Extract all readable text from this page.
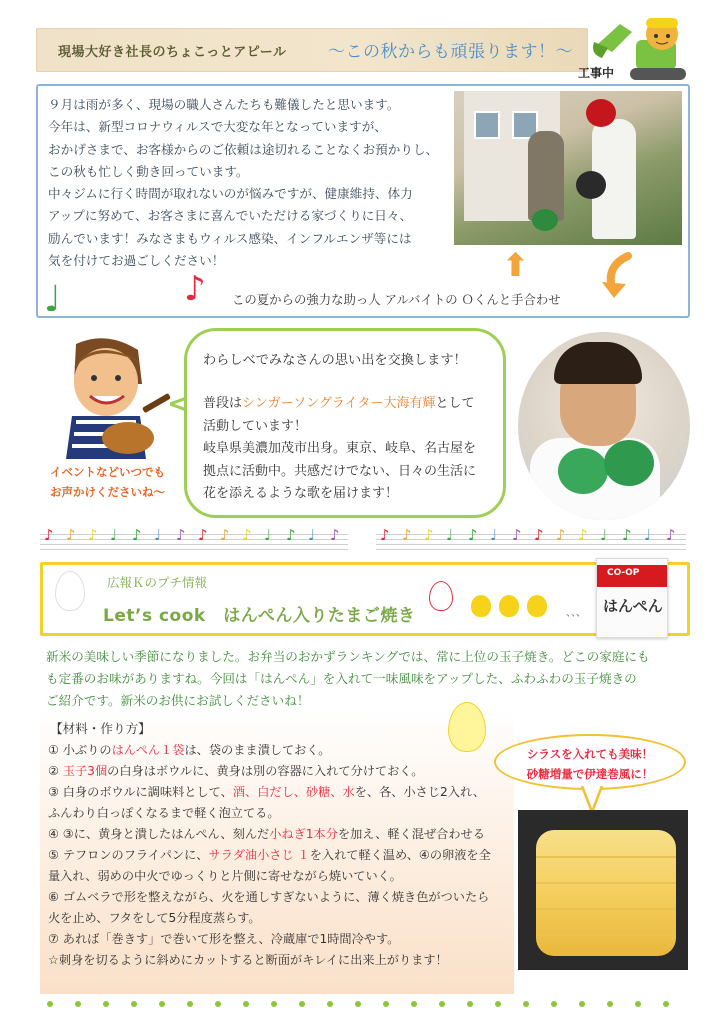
現場大好き社長のちょこっとアピール ～この秋からも頑張ります！～
工事中
９月は雨が多く、現場の職人さんたちも難儀したと思います。
今年は、新型コロナウィルスで大変な年となっていますが、
おかげさまで、お客様からのご依頼は途切れることなくお預かりし、
この秋も忙しく動き回っています。
中々ジムに行く時間が取れないのが悩みですが、健康維持、体力
アップに努めて、お客さまに喜んでいただける家づくりに日々、
励んでいます！みなさまもウィルス感染、インフルエンザ等には
気を付けてお過ごしください！	⬆
♩	♪ この夏からの強力な助っ人 アルバイトの Ｏくんと手合わせ
イベントなどいつでも
お声かけくださいね～
わらしべでみなさんの思い出を交換します！
普段はシンガーソングライター大海有輝として
活動しています！
岐阜県美濃加茂市出身。東京、岐阜、名古屋を
拠点に活動中。共感だけでない、日々の生活に
花を添えるような歌を届けます！
♪ ♪ ♪ ♩ ♪ ♩ ♪ ♪ ♪ ♪ ♩ ♪ ♩ ♪	♪ ♪ ♪ ♩ ♪ ♩ ♪ ♪ ♪ ♪ ♩ ♪ ♩ ♪
広報Ｋのプチ情報
Let’s cook　はんぺん入りたまご焼き	、、、
CO-OP
はんぺん
新米の美味しい季節になりました。お弁当のおかずランキングでは、常に上位の玉子焼き。どこの家庭にも
も定番のお味がありますね。今回は「はんぺん」を入れて一味風味をアップした、ふわふわの玉子焼きの
ご紹介です。新米のお供にお試しくださいね！
【材料・作り方】
① 小ぶりのはんぺん１袋は、袋のまま潰しておく。
② 玉子3個の白身はボウルに、黄身は別の容器に入れて分けておく。
③ 白身のボウルに調味料として、酒、白だし、砂糖、水を、各、小さじ2入れ、
ふんわり白っぽくなるまで軽く泡立てる。
④ ③に、黄身と潰したはんぺん、刻んだ小ねぎ1本分を加え、軽く混ぜ合わせる
⑤ テフロンのフライパンに、サラダ油小さじ １を入れて軽く温め、④の卵液を全
量入れ、弱めの中火でゆっくりと片側に寄せながら焼いていく。
⑥ ゴムベラで形を整えながら、火を通しすぎないように、薄く焼き色がついたら
火を止め、フタをして5分程度蒸らす。
⑦ あれば「巻きす」で巻いて形を整え、冷蔵庫で1時間冷やす。
☆刺身を切るように斜めにカットすると断面がキレイに出来上がります！
シラスを入れても美味！
砂糖増量で伊達巻風に！
